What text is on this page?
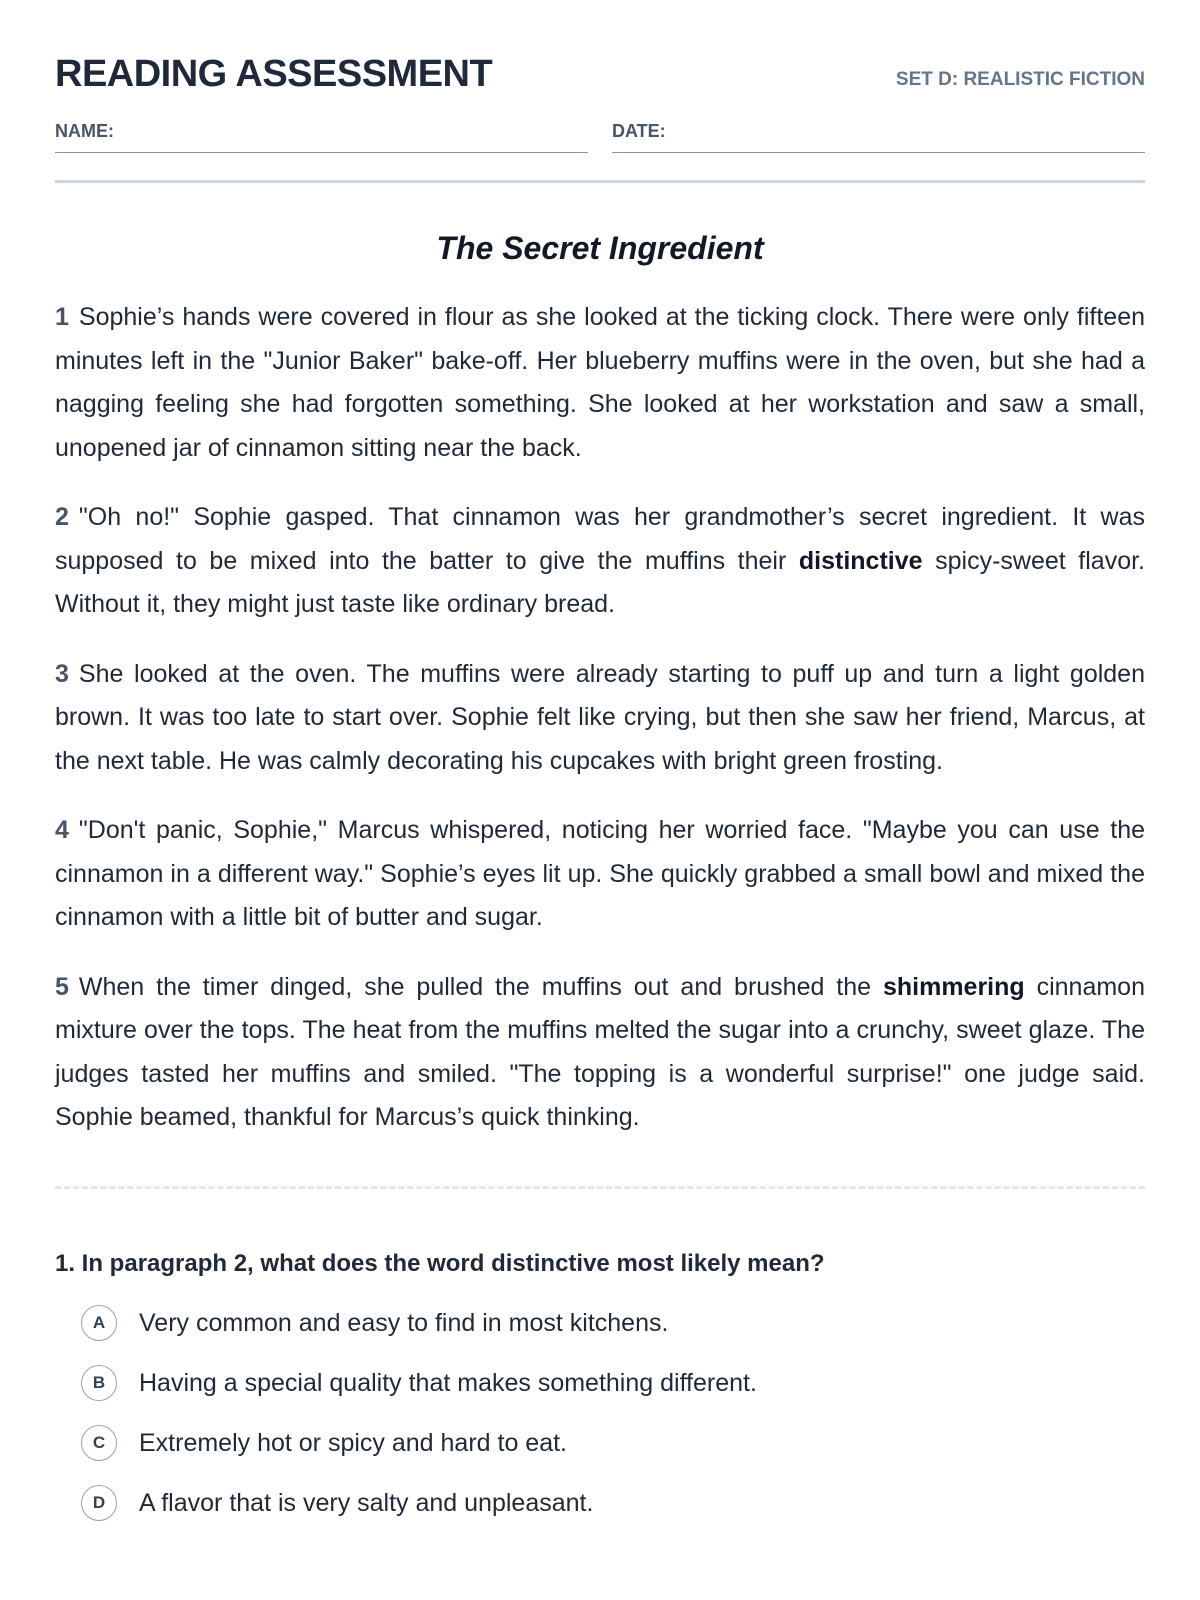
READING ASSESSMENT	SET D: REALISTIC FICTION
NAME:	DATE:
The Secret Ingredient

1 Sophie’s hands were covered in flour as she looked at the ticking clock. There were only fifteen minutes left in the "Junior Baker" bake-off. Her blueberry muffins were in the oven, but she had a nagging feeling she had forgotten something. She looked at her workstation and saw a small, unopened jar of cinnamon sitting near the back.

2 "Oh no!" Sophie gasped. That cinnamon was her grandmother’s secret ingredient. It was supposed to be mixed into the batter to give the muffins their distinctive spicy-sweet flavor. Without it, they might just taste like ordinary bread.

3 She looked at the oven. The muffins were already starting to puff up and turn a light golden brown. It was too late to start over. Sophie felt like crying, but then she saw her friend, Marcus, at the next table. He was calmly decorating his cupcakes with bright green frosting.

4 "Don't panic, Sophie," Marcus whispered, noticing her worried face. "Maybe you can use the cinnamon in a different way." Sophie’s eyes lit up. She quickly grabbed a small bowl and mixed the cinnamon with a little bit of butter and sugar.

5 When the timer dinged, she pulled the muffins out and brushed the shimmering cinnamon mixture over the tops. The heat from the muffins melted the sugar into a crunchy, sweet glaze. The judges tasted her muffins and smiled. "The topping is a wonderful surprise!" one judge said. Sophie beamed, thankful for Marcus’s quick thinking.

1. In paragraph 2, what does the word distinctive most likely mean?
A	Very common and easy to find in most kitchens.
B	Having a special quality that makes something different.
C	Extremely hot or spicy and hard to eat.
D	A flavor that is very salty and unpleasant.
